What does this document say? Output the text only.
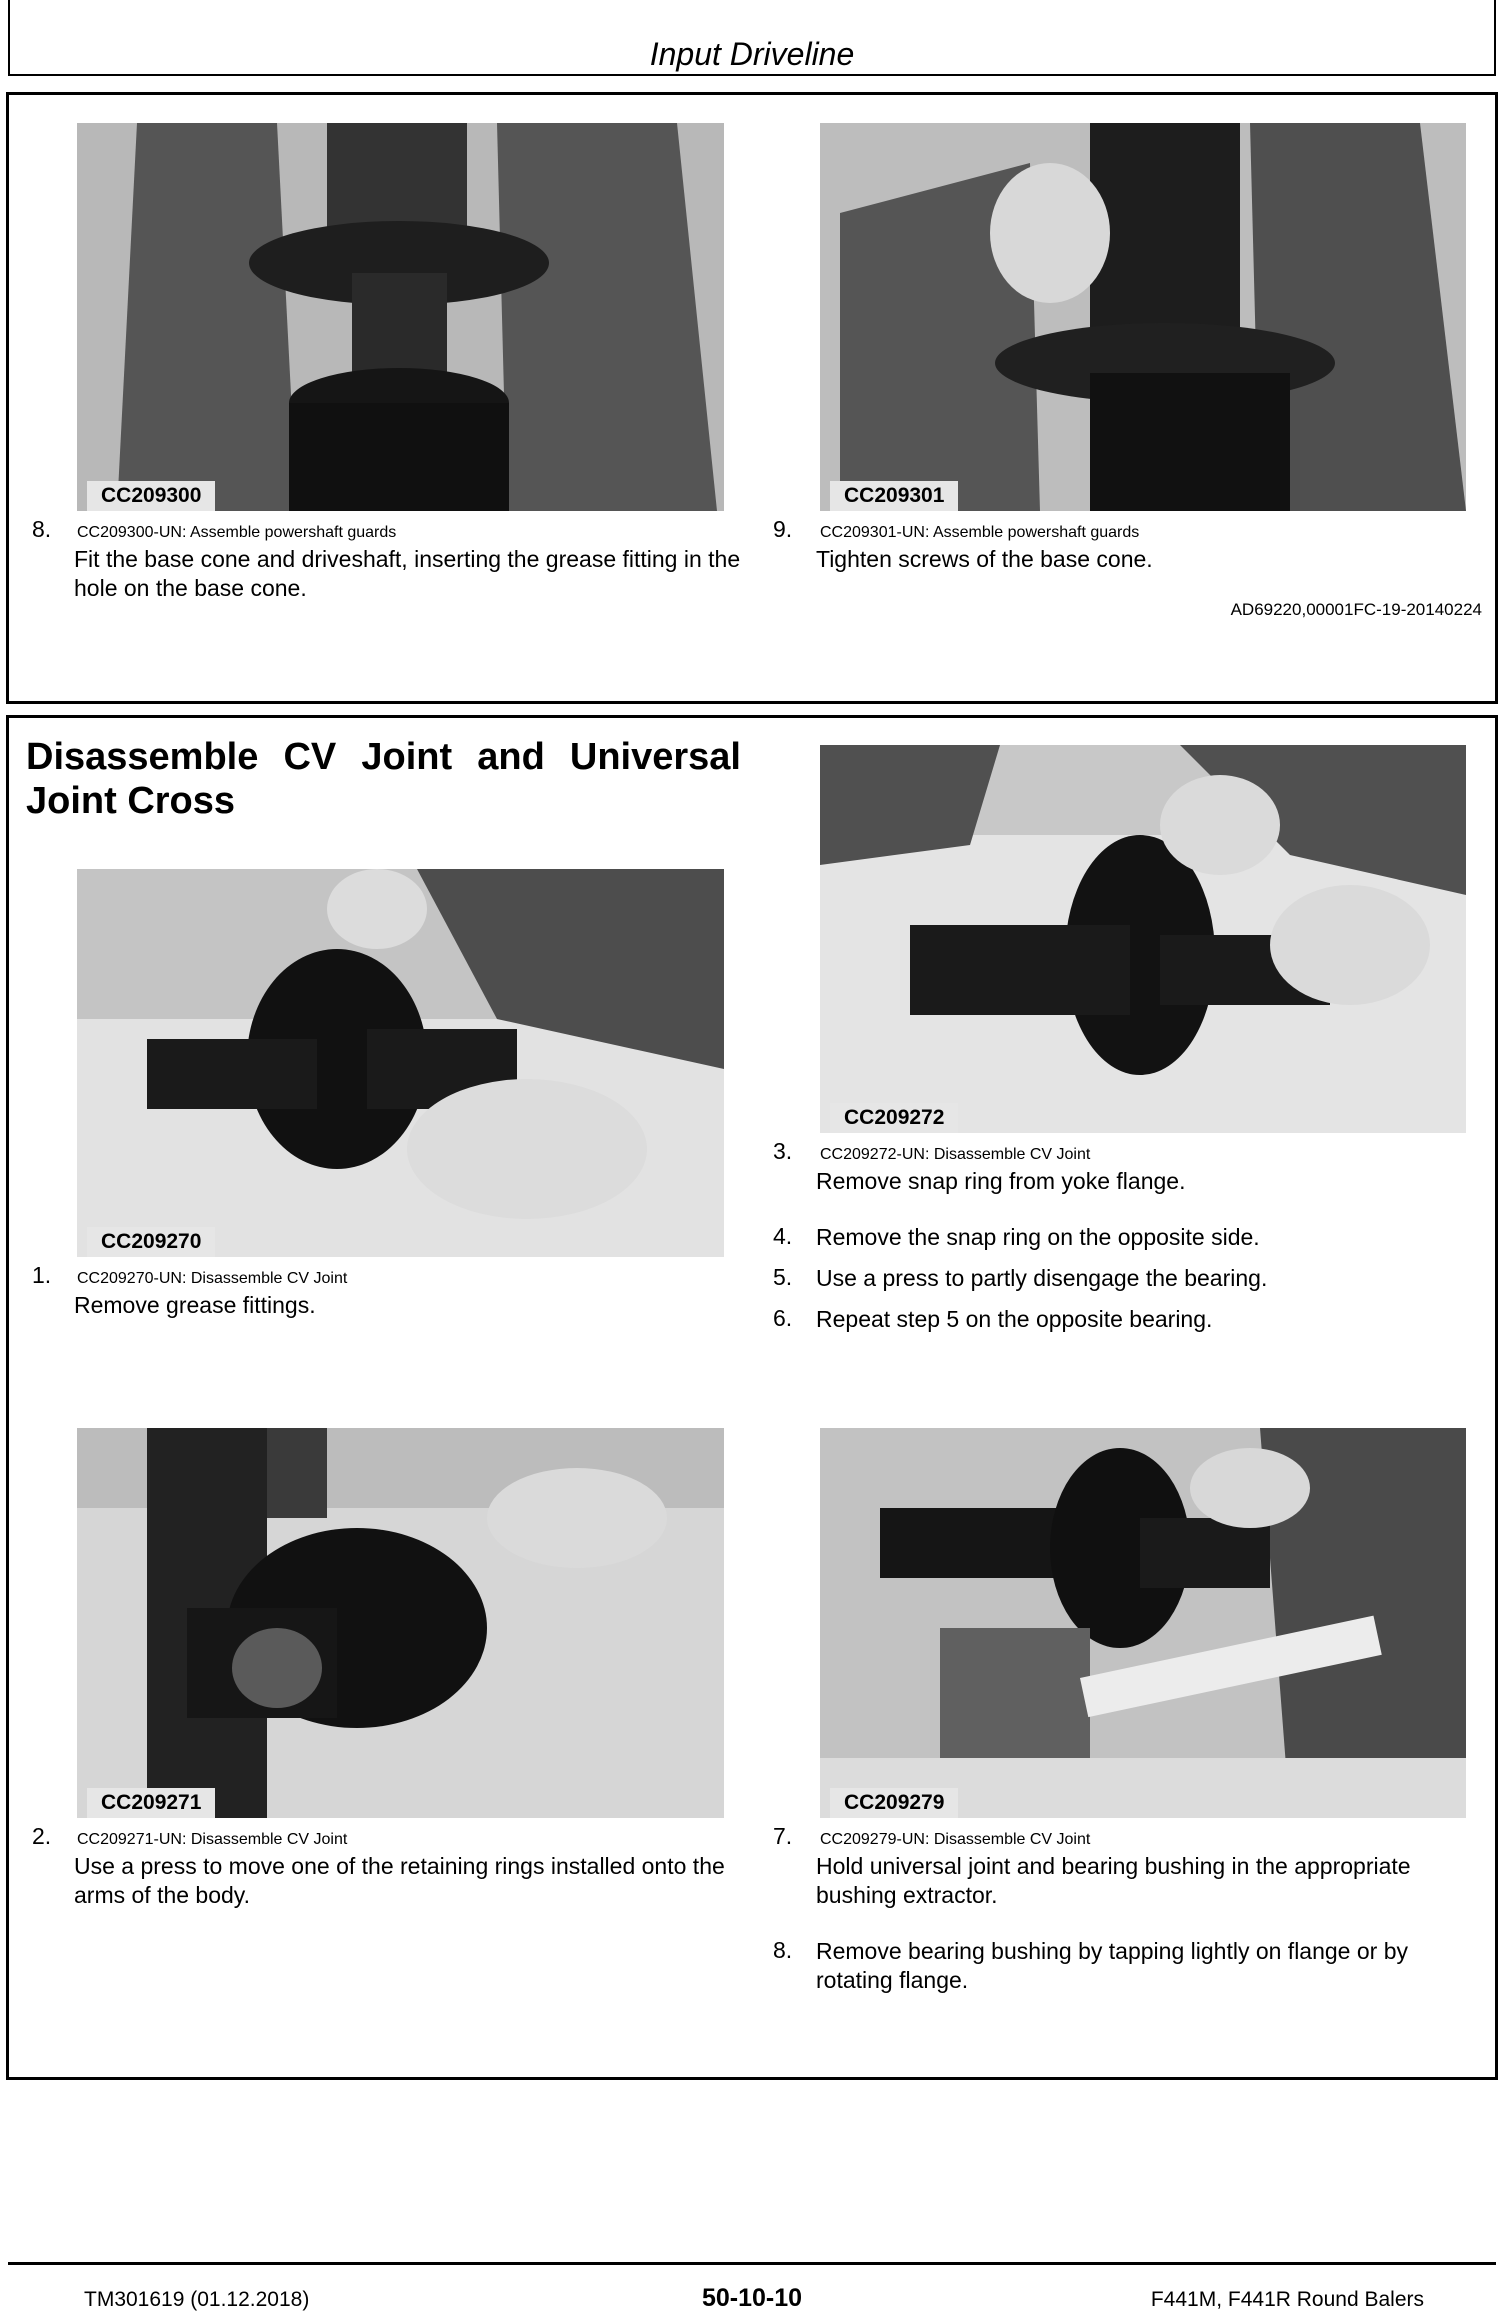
Input Driveline
CC209300	CC209301
8. CC209300-UN: Assemble powershaft guards
Fit the base cone and driveshaft, inserting the grease fitting in the hole on the base cone.
9. CC209301-UN: Assemble powershaft guards
Tighten screws of the base cone.
AD69220,00001FC-19-20140224
Disassemble CV Joint and Universal Joint Cross
CC209270
1. CC209270-UN: Disassemble CV Joint
Remove grease fittings.
CC209272
3. CC209272-UN: Disassemble CV Joint
Remove snap ring from yoke flange.
4. Remove the snap ring on the opposite side.
5. Use a press to partly disengage the bearing.
6. Repeat step 5 on the opposite bearing.
CC209271
2. CC209271-UN: Disassemble CV Joint
Use a press to move one of the retaining rings installed onto the arms of the body.
CC209279
7. CC209279-UN: Disassemble CV Joint
Hold universal joint and bearing bushing in the appropriate bushing extractor.
8. Remove bearing bushing by tapping lightly on flange or by rotating flange.
TM301619 (01.12.2018)	50-10-10	F441M, F441R Round Balers
